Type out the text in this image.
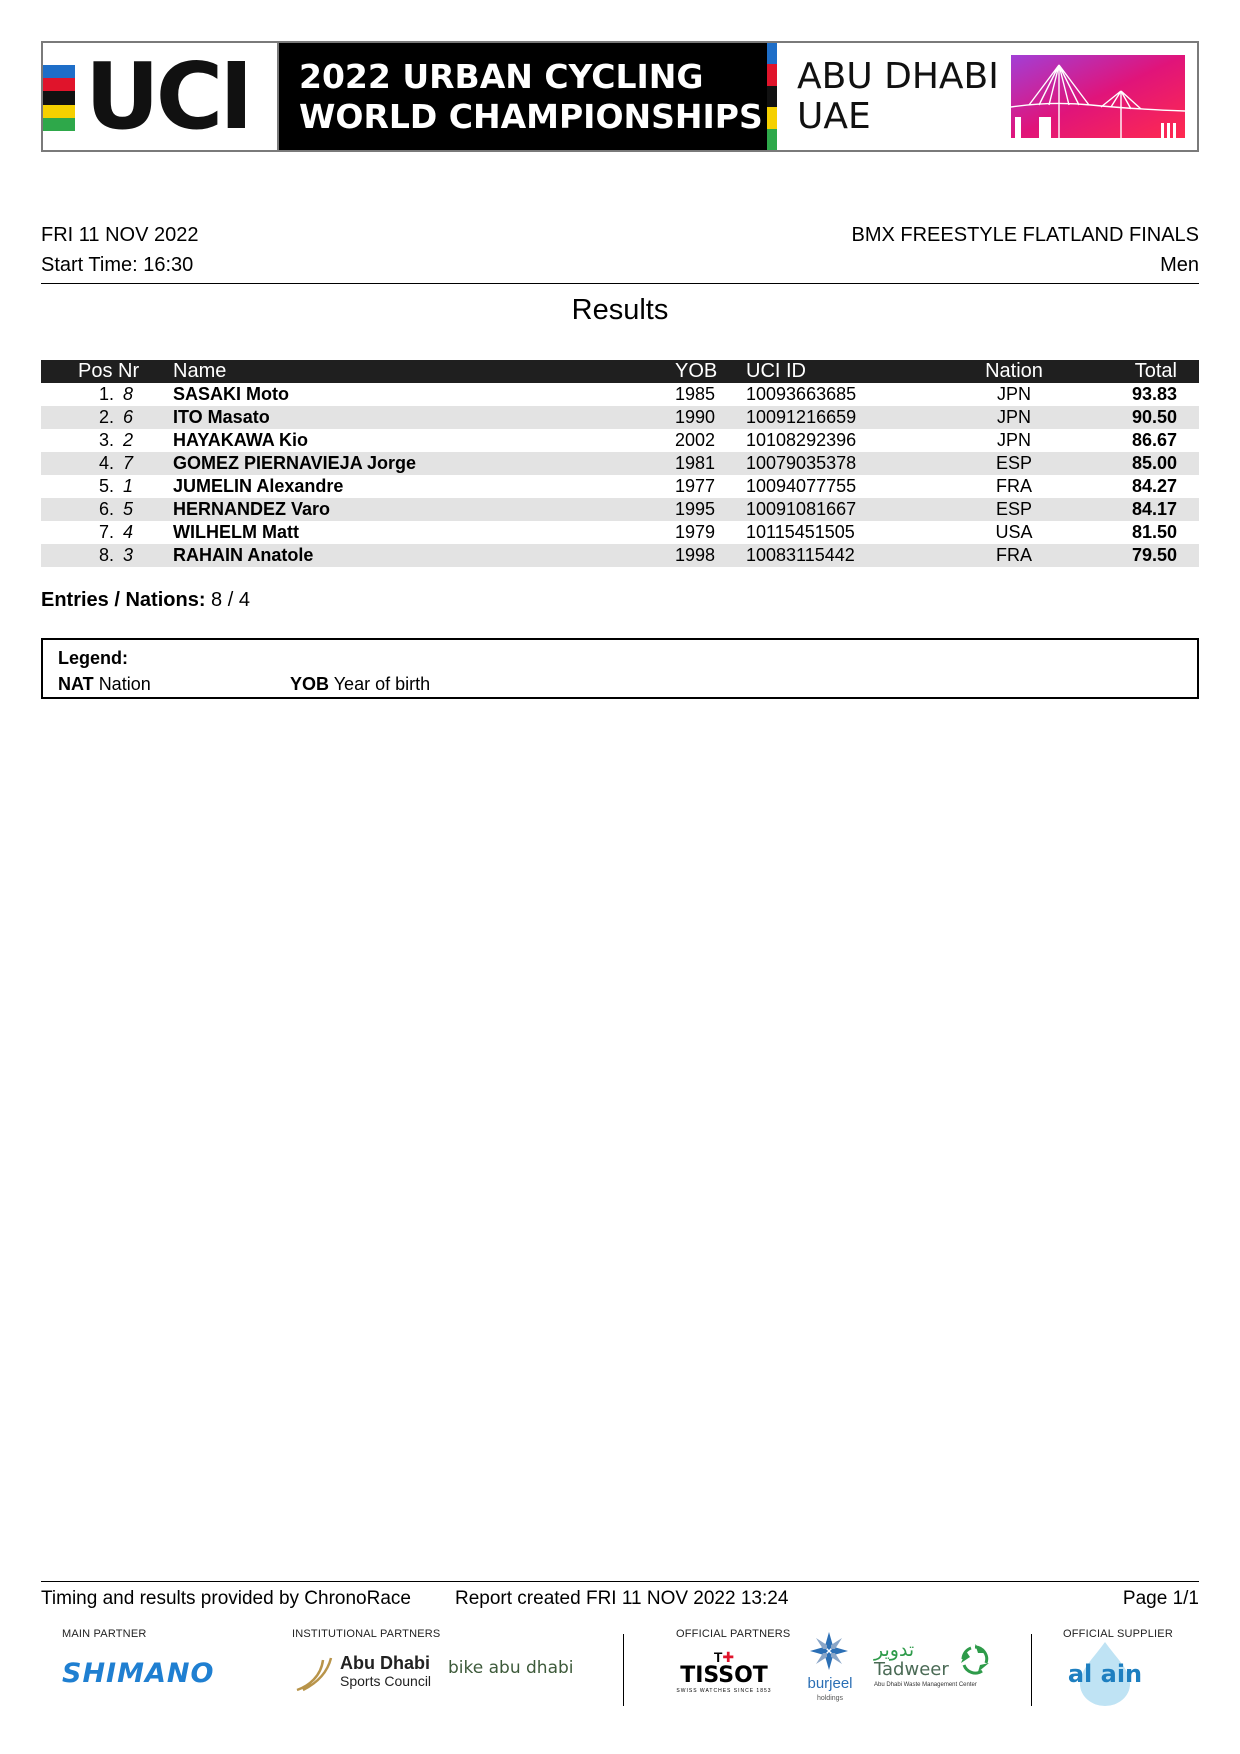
UCI 2022 URBAN CYCLING
WORLD CHAMPIONSHIPS
ABU DHABI
UAE
FRI 11 NOV 2022
Start Time: 16:30
BMX FREESTYLE FLATLAND FINALS
Men
Results
Pos Nr Name	YOB UCI ID	Nation	Total
1. 8 SASAKI Moto	1985 10093663685	JPN	93.83
2. 6 ITO Masato	1990 10091216659	JPN	90.50
3. 2 HAYAKAWA Kio	2002 10108292396	JPN	86.67
4. 7 GOMEZ PIERNAVIEJA Jorge	1981 10079035378	ESP	85.00
5. 1 JUMELIN Alexandre	1977 10094077755	FRA	84.27
6. 5 HERNANDEZ Varo	1995 10091081667	ESP	84.17
7. 4 WILHELM Matt	1979 10115451505	USA	81.50
8. 3 RAHAIN Anatole	1998 10083115442	FRA	79.50
Entries / Nations: 8 / 4
Legend:
NAT Nation	YOB Year of birth
Timing and results provided by ChronoRace Report created FRI 11 NOV 2022 13:24	Page 1/1
MAIN PARTNER	INSTITUTIONAL PARTNERS	OFFICIAL PARTNERS	OFFICIAL SUPPLIER
SHIMANO	Abu Dhabi
Sports Council
bike abu dhabi
T✚
TISSOT
SWISS WATCHES SINCE 1853 burjeel
holdings
تدوير
Tadweer
Abu Dhabi Waste Management Center	al ain
